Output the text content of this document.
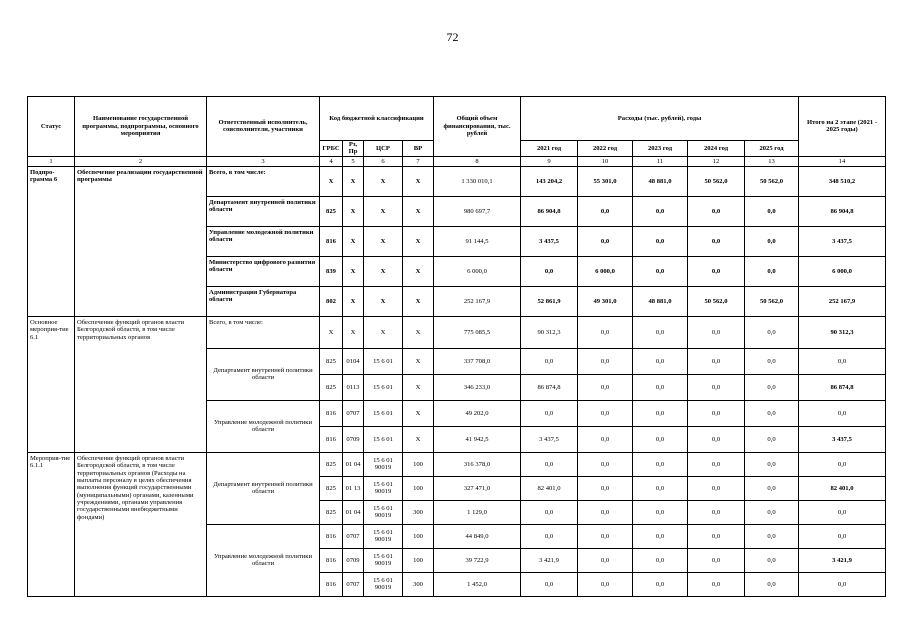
72
Статус	Наименование государственной программы, подпрограммы, основного мероприятия	Ответственный исполнитель, соисполнители, участники	Код бюджетной классификации				Общий объем финансирования, тыс. рублей	Расходы (тыс. рублей), годы					Итого на 2 этапе (2021 - 2025 годы)
			ГРБС	Рз, Пр	ЦСР	ВР		2021 год	2022 год	2023 год	2024 год	2025 год	
1	2	3	4	5	6	7	8	9	10	11	12	13	14
Подпро-грамма 6	Обеспечение реализации государственной программы	Всего, в том числе:	X	X	X	X	1 330 010,1	143 204,2	55 301,0	48 881,0	50 562,0	50 562,0	348 510,2
		Департамент внутренней политики области	825	X	X	X	980 697,7	86 904,8	0,0	0,0	0,0	0,0	86 904,8
		Управление молодежной политики области	816	X	X	X	91 144,5	3 437,5	0,0	0,0	0,0	0,0	3 437,5
		Министерство цифрового развития области	839	X	X	X	6 000,0	0,0	6 000,0	0,0	0,0	0,0	6 000,0
		Администрация Губернатора области	802	X	X	X	252 167,9	52 861,9	49 301,0	48 881,0	50 562,0	50 562,0	252 167,9
Основное мероприя-тие 6.1	Обеспечение функций органов власти Белгородской области, в том числе территориальных органов	Всего, в том числе:	X	X	X	X	775 085,5	90 312,3	0,0	0,0	0,0	0,0	90 312,3
		Департамент внутренней политики области	825	0104	15 6 01	X	337 708,0	0,0	0,0	0,0	0,0	0,0	0,0
			825	0113	15 6 01	X	346 233,0	86 874,8	0,0	0,0	0,0	0,0	86 874,8
		Управление молодежной политики области	816	0707	15 6 01	X	49 202,0	0,0	0,0	0,0	0,0	0,0	0,0
			816	0709	15 6 01	X	41 942,5	3 437,5	0,0	0,0	0,0	0,0	3 437,5
Мероприя-тие 6.1.1	Обеспечение функций органов власти Белгородской области, в том числе территориальных органов (Расходы на выплаты персоналу в целях обеспечения выполнения функций государственными (муниципальными) органами, казенными учреждениями, органами управления государственными внебюджетными фондами)	Департамент внутренней политики области	825	01 04	15 6 01 90019	100	316 378,0	0,0	0,0	0,0	0,0	0,0	0,0
			825	01 13	15 6 01 90019	100	327 471,0	82 401,0	0,0	0,0	0,0	0,0	82 401,0
			825	01 04	15 6 01 90019	300	1 129,0	0,0	0,0	0,0	0,0	0,0	0,0
		Управление молодежной политики области	816	0707	15 6 01 90019	100	44 849,0	0,0	0,0	0,0	0,0	0,0	0,0
			816	0709	15 6 01 90019	100	39 722,9	3 421,9	0,0	0,0	0,0	0,0	3 421,9
			816	0707	15 6 01 90019	300	1 452,0	0,0	0,0	0,0	0,0	0,0	0,0
